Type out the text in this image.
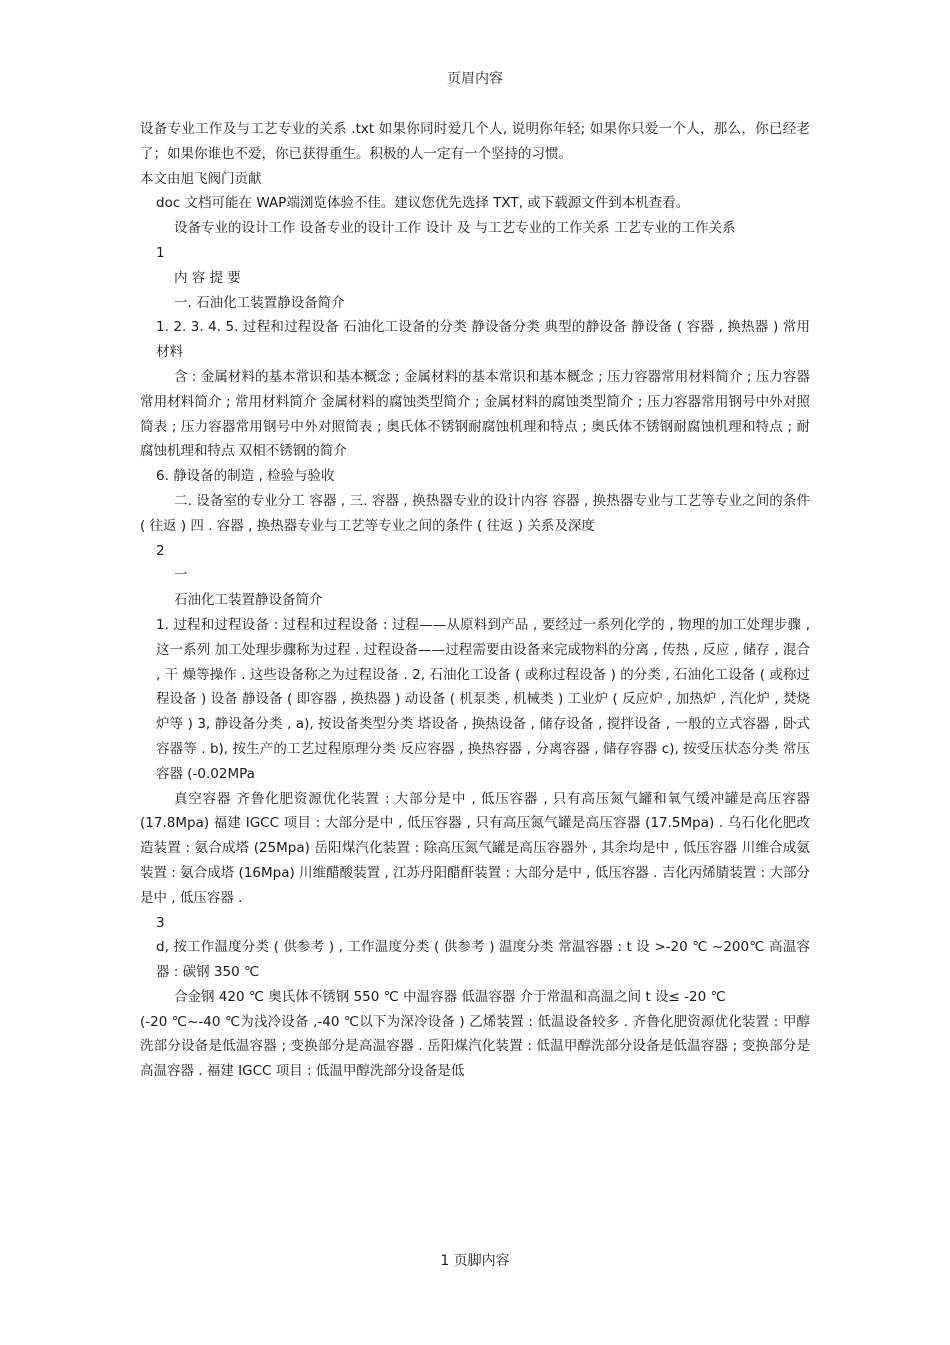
页眉内容

设备专业工作及与工艺专业的关系 .txt 如果你同时爱几个人, 说明你年轻; 如果你只爱一个人，那么，你已经老了；如果你谁也不爱，你已获得重生。积极的人一定有一个坚持的习惯。

本文由旭飞阀门贡献

doc 文档可能在 WAP端浏览体验不佳。建议您优先选择 TXT, 或下载源文件到本机查看。

设备专业的设计工作 设备专业的设计工作 设计 及 与工艺专业的工作关系 工艺专业的工作关系

1

内 容 提 要

一. 石油化工装置静设备简介

1. 2. 3. 4. 5. 过程和过程设备 石油化工设备的分类 静设备分类 典型的静设备 静设备 ( 容器 , 换热器 ) 常用材料

含 : 金属材料的基本常识和基本概念 ; 金属材料的基本常识和基本概念 ; 压力容器常用材料简介 ; 压力容器常用材料简介 ; 常用材料简介 金属材料的腐蚀类型简介 ; 金属材料的腐蚀类型简介 ; 压力容器常用钢号中外对照简表 ; 压力容器常用钢号中外对照简表 ; 奥氏体不锈钢耐腐蚀机理和特点 ; 奥氏体不锈钢耐腐蚀机理和特点 ; 耐腐蚀机理和特点 双相不锈钢的简介

6. 静设备的制造 , 检验与验收

二. 设备室的专业分工 容器 , 三. 容器 , 换热器专业的设计内容 容器 , 换热器专业与工艺等专业之间的条件 ( 往返 ) 四 . 容器 , 换热器专业与工艺等专业之间的条件 ( 往返 ) 关系及深度

2

一

石油化工装置静设备简介

1. 过程和过程设备 : 过程和过程设备 : 过程——从原料到产品 , 要经过一系列化学的 , 物理的加工处理步骤 , 这一系列 加工处理步骤称为过程 . 过程设备——过程需要由设备来完成物料的分离 , 传热 , 反应 , 储存 , 混合 , 干 燥等操作 . 这些设备称之为过程设备 . 2, 石油化工设备 ( 或称过程设备 ) 的分类 , 石油化工设备 ( 或称过程设备 ) 设备 静设备 ( 即容器 , 换热器 ) 动设备 ( 机泵类 , 机械类 ) 工业炉 ( 反应炉 , 加热炉 , 汽化炉 , 焚烧炉等 ) 3, 静设备分类 , a), 按设备类型分类 塔设备 , 换热设备 , 储存设备 , 搅拌设备 , 一般的立式容器 , 卧式容器等 . b), 按生产的工艺过程原理分类 反应容器 , 换热容器 , 分离容器 , 储存容器 c), 按受压状态分类 常压容器 (-0.02MPa

真空容器 齐鲁化肥资源优化装置 : 大部分是中 , 低压容器 , 只有高压氮气罐和氧气缓冲罐是高压容器 (17.8Mpa) 福建 IGCC 项目 : 大部分是中 , 低压容器 , 只有高压氮气罐是高压容器 (17.5Mpa) . 乌石化化肥改造装置 : 氨合成塔 (25Mpa) 岳阳煤汽化装置 : 除高压氮气罐是高压容器外 , 其余均是中 , 低压容器 川维合成氨装置 : 氨合成塔 (16Mpa) 川维醋酸装置 , 江苏丹阳醋酐装置 : 大部分是中 , 低压容器 . 吉化丙烯腈装置 : 大部分是中 , 低压容器 .

3

d, 按工作温度分类 ( 供参考 ) , 工作温度分类 ( 供参考 ) 温度分类 常温容器 : t 设 >-20 ℃ ~200℃ 高温容器 : 碳钢 350 ℃

合金钢 420 ℃ 奥氏体不锈钢 550 ℃ 中温容器 低温容器 介于常温和高温之间 t 设≤ -20 ℃

(-20 ℃~-40 ℃为浅冷设备 ,-40 ℃以下为深冷设备 ) 乙烯装置 : 低温设备较多 . 齐鲁化肥资源优化装置 : 甲醇洗部分设备是低温容器 ; 变换部分是高温容器 . 岳阳煤汽化装置 : 低温甲醇洗部分设备是低温容器 ; 变换部分是高温容器 . 福建 IGCC 项目 : 低温甲醇洗部分设备是低

1 页脚内容
